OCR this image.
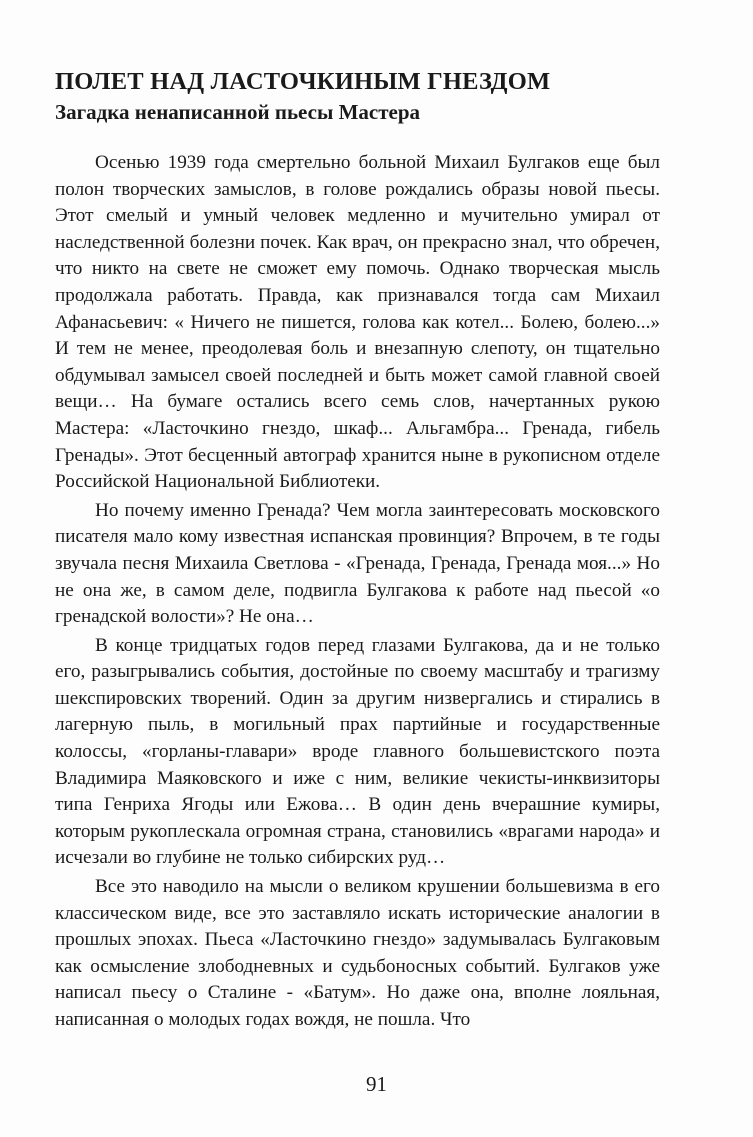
ПОЛЕТ НАД ЛАСТОЧКИНЫМ ГНЕЗДОМ
Загадка ненаписанной пьесы Мастера

Осенью 1939 года смертельно больной Михаил Булгаков еще был полон творческих замыслов, в голове рождались образы новой пьесы. Этот смелый и умный человек медленно и мучительно умирал от наследственной болезни почек. Как врач, он прекрасно знал, что обречен, что никто на свете не сможет ему помочь. Однако творческая мысль продолжала работать. Правда, как признавался тогда сам Михаил Афанасьевич: « Ничего не пишется, голова как котел... Болею, болею...» И тем не менее, преодолевая боль и внезапную слепоту, он тщательно обдумывал замысел своей последней и быть может самой главной своей вещи… На бумаге остались всего семь слов, начертанных рукою Мастера: «Ласточкино гнездо, шкаф... Альгамбра... Гренада, гибель Гренады». Этот бесценный автограф хранится ныне в рукописном отделе Российской Национальной Библиотеки.

Но почему именно Гренада? Чем могла заинтересовать московского писателя мало кому известная испанская провинция? Впрочем, в те годы звучала песня Михаила Светлова - «Гренада, Гренада, Гренада моя...» Но не она же, в самом деле, подвигла Булгакова к работе над пьесой «о гренадской волости»? Не она…

В конце тридцатых годов перед глазами Булгакова, да и не только его, разыгрывались события, достойные по своему масштабу и трагизму шекспировских творений. Один за другим низвергались и стирались в лагерную пыль, в могильный прах партийные и государственные колоссы, «горланы-главари» вроде главного большевистского поэта Владимира Маяковского и иже с ним, великие чекисты-инквизиторы типа Генриха Ягоды или Ежова… В один день вчерашние кумиры, которым рукоплескала огромная страна, становились «врагами народа» и исчезали во глубине не только сибирских руд…

Все это наводило на мысли о великом крушении большевизма в его классическом виде, все это заставляло искать исторические аналогии в прошлых эпохах. Пьеса «Ласточкино гнездо» задумывалась Булгаковым как осмысление злободневных и судьбоносных событий. Булгаков уже написал пьесу о Сталине - «Батум». Но даже она, вполне лояльная, написанная о молодых годах вождя, не пошла. Что

91
